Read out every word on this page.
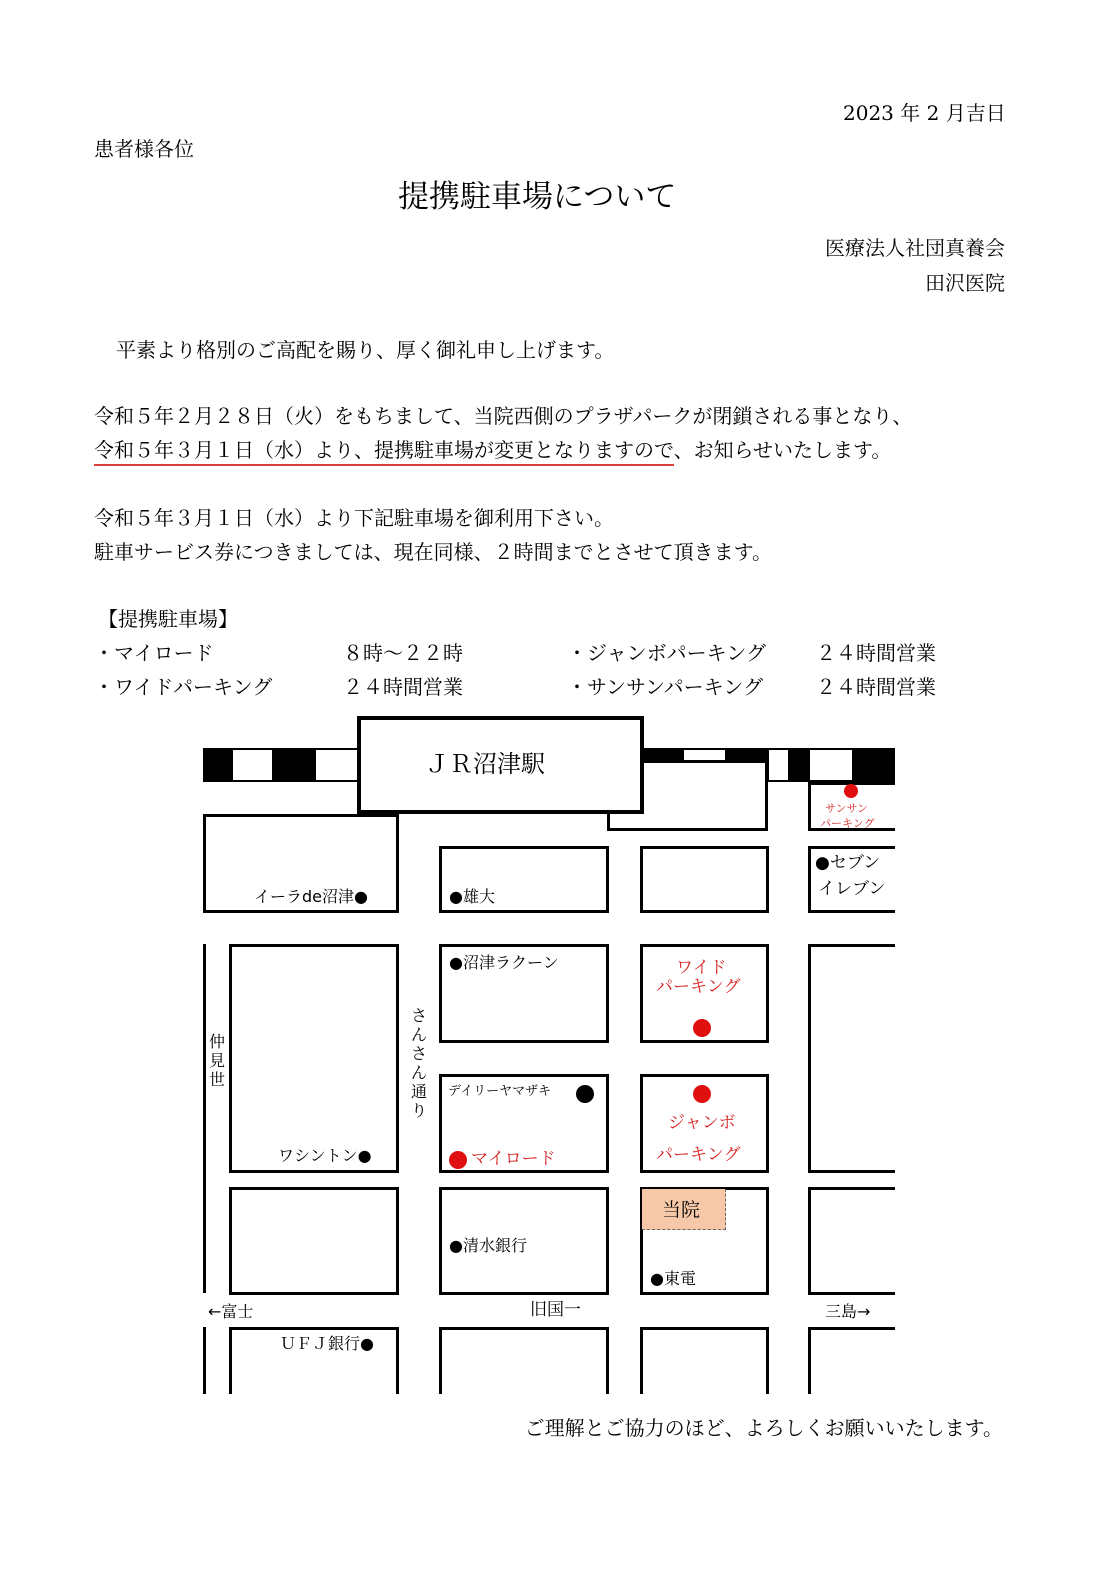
2023 年 2 月吉日
患者様各位
提携駐車場について
医療法人社団真養会
田沢医院
平素より格別のご高配を賜り、厚く御礼申し上げます。
令和５年２月２８日（火）をもちまして、当院西側のプラザパークが閉鎖される事となり、
令和５年３月１日（水）より、提携駐車場が変更となりますので、お知らせいたします。
令和５年３月１日（水）より下記駐車場を御利用下さい。
駐車サービス券につきましては、現在同様、２時間までとさせて頂きます。
【提携駐車場】
・マイロード	８時～２２時
・ワイドパーキング	２４時間営業
・ジャンボパーキング	２４時間営業
・サンサンパーキング	２４時間営業
ＪＲ沼津駅
当院
サンサン
パーキング
●セブン
イレブン
イーラde沼津●	●雄大
●沼津ラクーン	ワイド
パーキング
仲見世
さんさん通り
デイリーヤマザキ
ジャンボ
パーキング
ワシントン●	マイロード
●清水銀行
●東電
←富士	旧国一	三島→
ＵＦＪ銀行●
ご理解とご協力のほど、よろしくお願いいたします。
